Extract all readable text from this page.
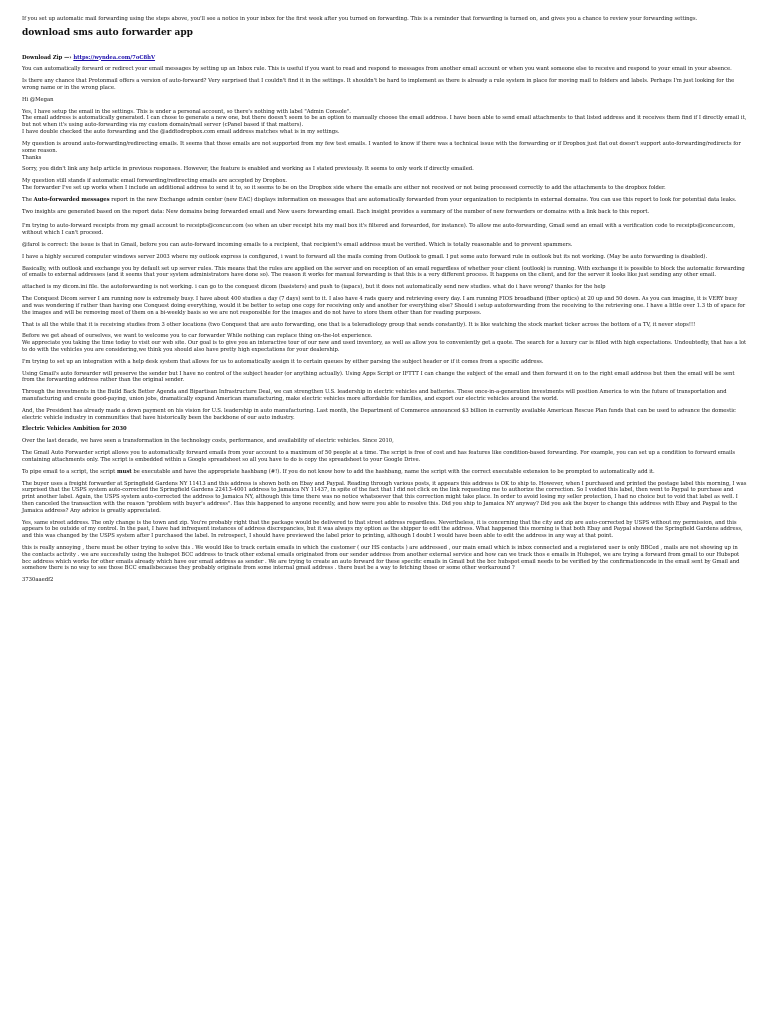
If you set up automatic mail forwarding using the steps above, you'll see a notice in your inbox for the first week after you turned on forwarding. This is a reminder that forwarding is turned on, and gives you a chance to review your forwarding settings.

download sms auto forwarder app

Download Zip —› https://wyndea.com/7oC8hV

You can automatically forward or redirect your email messages by setting up an Inbox rule. This is useful if you want to read and respond to messages from another email account or when you want someone else to receive and respond to your email in your absence.

Is there any chance that Protonmail offers a version of auto-forward? Very surprised that I couldn't find it in the settings. It shouldn't be hard to implement as there is already a rule system in place for moving mail to folders and labels. Perhaps I'm just looking for the wrong name or in the wrong place.

Hi @Megan

Yes, I have setup the email in the settings. This is under a personal account, so there's nothing with label "Admin Console".
The email address is automatically generated. I can chose to generate a new one, but there doesn't seem to be an option to manually choose the email address. I have been able to send email attachments to that listed address and it receives them find if I directly email it, but not when it's using auto-forwarding via my custom domain/mail server (cPanel based if that matters).
I have double checked the auto forwarding and the @addtodropbox.com email address matches what is in my settings.

My question is around auto-forwarding/redirecting emails. It seems that those emails are not supported from my few test emails. I wanted to know if there was a technical issue with the forwarding or if Dropbox just flat out doesn't support auto-forwarding/redirects for some reason.
Thanks

Sorry, you didn't link any help article in previous responses. However, the feature is enabled and working as I stated previously. It seems to only work if directly emailed.

My question still stands if automatic email forwarding/redirecting emails are accepted by Dropbox.
The forwarder I've set up works when I include an additional address to send it to, so it seems to be on the Dropbox side where the emails are either not received or not being processed correctly to add the attachments to the dropbox folder.

The Auto-forwarded messages report in the new Exchange admin center (new EAC) displays information on messages that are automatically forwarded from your organization to recipients in external domains. You can use this report to look for potential data leaks.

Two insights are generated based on the report data: New domains being forwarded email and New users forwarding email. Each insight provides a summary of the number of new forwarders or domains with a link back to this report.

I'm trying to auto-forward receipts from my gmail account to receipts@concur.com (so when an uber receipt hits my mail box it's filtered and forwarded, for instance). To allow me auto-forwarding, Gmail send an email with a verification code to receipts@concur.com, without which I can't proceed.

@farol is correct: the issue is that in Gmail, before you can auto-forward incoming emails to a recipient, that recipient's email address must be verified. Which is totally reasonable and to prevent spammers.

I have a highly secured computer windows server 2003 where my outlook express is configured, i want to forward all the mails coming from Outlook to gmail. I put some auto forward rule in outlook but its not working. (May be auto forwarding is disabled).

Basically, with outlook and exchange you by default set up server rules. This means that the rules are applied on the server and on reception of an email regardless of whether your client (outlook) is running. With exchange it is possible to block the automatic forwarding of emails to external addresses (and it seems that your system administrators have done so). The reason it works for manual forwarding is that this is a very different process. It happens on the client, and for the server it looks like just sending any other email.

attached is my dicom.ini file. the autoforwarding is not working. i can go to the conquest dicom (basisters) and push to (iapacs), but it does not automatically send new studies. what do i have wrong? thanks for the help

The Conquest Dicom server I am running now is extremely busy. I have about 400 studies a day (7 days) sent to it. I also have 4 rads query and retrieving every day. I am running FIOS broadband (fiber optics) at 20 up and 50 down. As you can imagine, it is VERY busy and was wondering if rather than having one Conquest doing everything, would it be better to setup one copy for receiving only and another for everything else? Should i setup autoforwarding from the receiving to the retrieving one. I have a little over 1.3 tb of space for the images and will be removing most of them on a bi-weekly basis so we are not responsible for the images and do not have to store them other than for reading purposes.

That is all the while that it is receiving studies from 3 other locations (two Conquest that are auto forwarding, one that is a teleradiology group that sends constantly). It is like watching the stock market ticker across the bottom of a TV, it never stops!!!

Before we get ahead of ourselves, we want to welcome you to car forwarder While nothing can replace thing on-the-lot experience.
We appreciate you taking the time today to visit our web site. Our goal is to give you an interactive tour of our new and used inventory, as well as allow you to conveniently get a quote. The search for a luxury car is filled with high expectations. Undoubtedly, that has a lot to do with the vehicles you are considering,we think you should also have pretty high expectations for your dealership.

I'm trying to set up an integration with a help desk system that allows for us to automatically assign it to certain queues by either parsing the subject header or if it comes from a specific address.

Using Gmail's auto forwarder will preserve the sender but I have no control of the subject header (or anything actually). Using Apps Script or IFTTT I can change the subject of the email and then forward it on to the right email address but then the email will be sent from the forwarding address rather than the original sender.

Through the investments in the Build Back Better Agenda and Bipartisan Infrastructure Deal, we can strengthen U.S. leadership in electric vehicles and batteries. These once-in-a-generation investments will position America to win the future of transportation and manufacturing and create good-paying, union jobs, dramatically expand American manufacturing, make electric vehicles more affordable for families, and export our electric vehicles around the world.

And, the President has already made a down payment on his vision for U.S. leadership in auto manufacturing. Last month, the Department of Commerce announced $3 billion in currently available American Rescue Plan funds that can be used to advance the domestic electric vehicle industry in communities that have historically been the backbone of our auto industry.

Electric Vehicles Ambition for 2030

Over the last decade, we have seen a transformation in the technology costs, performance, and availability of electric vehicles. Since 2010,

The Gmail Auto Forwarder script allows you to automatically forward emails from your account to a maximum of 50 people at a time. The script is free of cost and has features like condition-based forwarding. For example, you can set up a condition to forward emails containing attachments only. The script is embedded within a Google spreadsheet so all you have to do is copy the spreadsheet to your Google Drive.

To pipe email to a script, the script must be executable and have the appropriate hashbang (#!). If you do not know how to add the hashbang, name the script with the correct executable extension to be prompted to automatically add it.

The buyer uses a freight forwarder at Springfield Gardens NY 11413 and this address is shown both on Ebay and Paypal. Reading through various posts, it appears this address is OK to ship to. However, when I purchased and printed the postage label this morning, I was surprised that the USPS system auto-corrected the Springfield Gardens 22413-4001 address to Jamaica NY 11437, in spite of the fact that I did not click on the link requesting me to authorize the correction. So I voided this label, then went to Paypal to purchase and print another label. Again, the USPS system auto-corrected the address to Jamaica NY, although this time there was no notice whatsoever that this correction might take place. In order to avoid losing my seller protection, I had no choice but to void that label as well. I then canceled the transaction with the reason "problem with buyer's address". Has this happened to anyone recently, and how were you able to resolve this. Did you ship to Jamaica NY anyway? Did you ask the buyer to change this address with Ebay and Paypal to the Jamaica address? Any advice is greatly appreciated.

Yes, same street address. The only change is the town and zip. You're probably right that the package would be delivered to that street address regardless. Nevertheless, it is concerning that the city and zip are auto-corrected by USPS without my permission, and this appears to be outside of my control. In the past, I have had infrequent instances of address discrepancies, but it was always my option as the shipper to edit the address. What happened this morning is that both Ebay and Paypal showed the Springfield Gardens address, and this was changed by the USPS system after I purchased the label. In retrospect, I should have previewed the label prior to printing, although I doubt I would have been able to edit the address in any way at that point.

this is really annoying , there must be other trying to solve this . We would like to track certain emails in which the customer ( our HS contacts ) are addressed , our main email which is inbox connected and a registered user is only BBCed , mails are not showing up in the contacts activity . we are succesfully using the hubspot BCC address to track other extenal emails originated from our sender address from another external service and how can we track thos e emails in Hubspot, we are trying a forward from gmail to our Hubspot bcc address which works for other emails already which have our email address as sender . We are trying to create an auto forward for these specific emails in Gmail but the bcc hubspot email needs to be verified by the confirmationcode in the email sent by Gmail and somehow there is no way to see those BCC emailsbecause they probably originate from some internal gmail address . there bust be a way to fetching those or some other workaround ?

3730aaedf2
